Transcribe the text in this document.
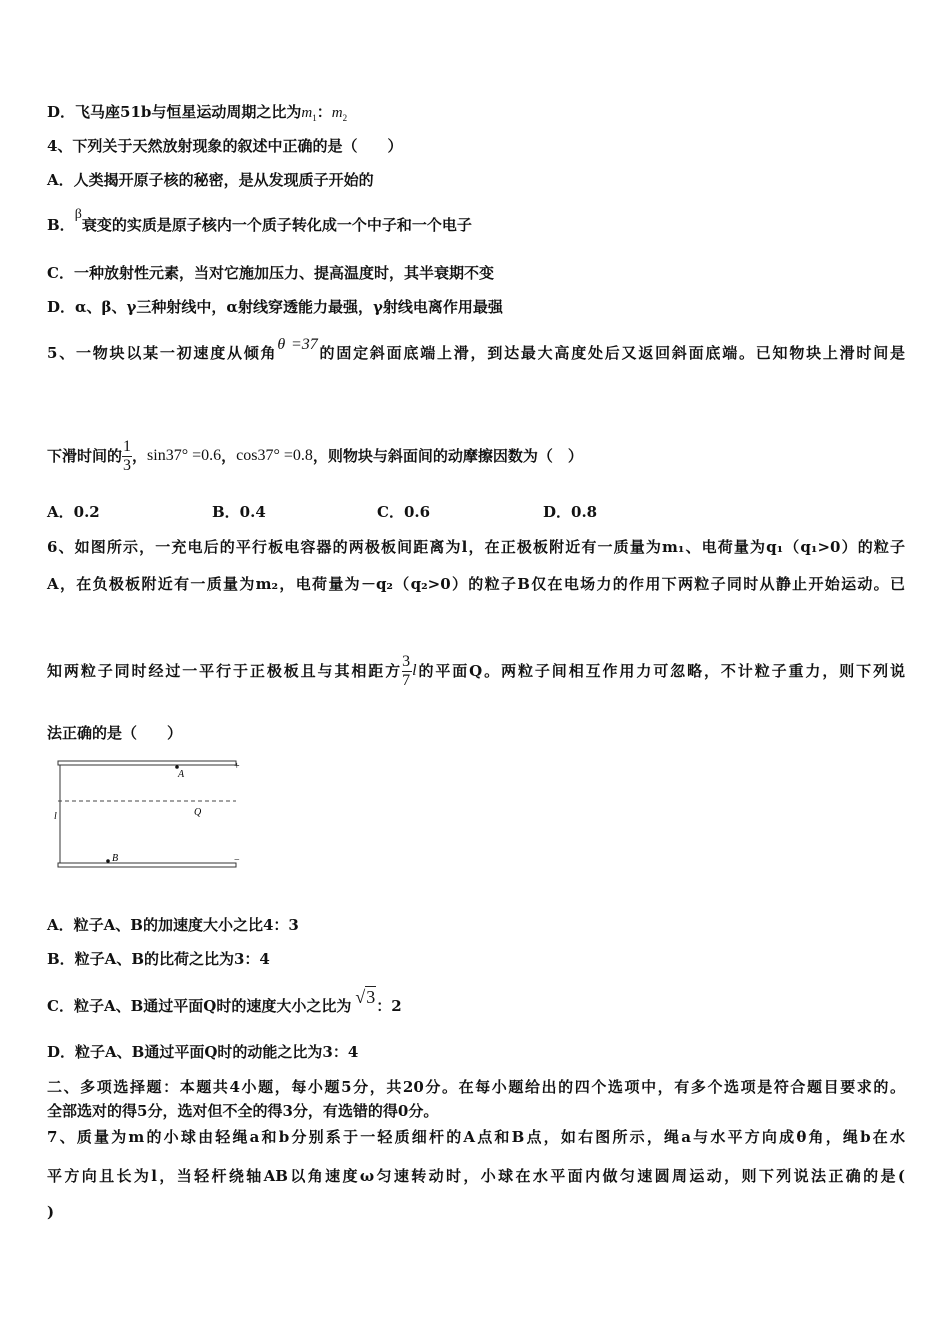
D．飞马座51b与恒星运动周期之比为$m_1$：$m_2$
4、下列关于天然放射现象的叙述中正确的是（　　）
A．人类揭开原子核的秘密，是从发现质子开始的
B．β衰变的实质是原子核内一个质子转化成一个中子和一个电子
C．一种放射性元素，当对它施加压力、提高温度时，其半衰期不变
D．α、β、γ三种射线中，α射线穿透能力最强，γ射线电离作用最强
5、一物块以某一初速度从倾角θ =37的固定斜面底端上滑，到达最大高度处后又返回斜面底端。已知物块上滑时间是
下滑时间的 $\frac{1}{3}$ ，sin37° =0.6，cos37° =0.8，则物块与斜面间的动摩擦因数为（　）
A．0.2	B．0.4	C．0.6	D．0.8
6、如图所示，一充电后的平行板电容器的两极板间距离为l，在正极板附近有一质量为m₁、电荷量为q₁（q₁>0）的粒子
A，在负极板附近有一质量为m₂，电荷量为－q₂（q₂>0）的粒子B仅在电场力的作用下两粒子同时从静止开始运动。已
知两粒子同时经过一平行于正极板且与其相距方 $\frac{3}{7}$ l的平面Q。两粒子间相互作用力可忽略，不计粒子重力，则下列说
法正确的是（　　）
A
Q
B
l
+
−
A．粒子A、B的加速度大小之比4：3
B．粒子A、B的比荷之比为3：4
C．粒子A、B通过平面Q时的速度大小之比为 √3：2
D．粒子A、B通过平面Q时的动能之比为3：4
二、多项选择题：本题共4小题，每小题5分，共20分。在每小题给出的四个选项中，有多个选项是符合题目要求的。
全部选对的得5分，选对但不全的得3分，有选错的得0分。
7、质量为m的小球由轻绳a和b分别系于一轻质细杆的A点和B点，如右图所示，绳a与水平方向成θ角，绳b在水
平方向且长为l，当轻杆绕轴AB以角速度ω匀速转动时，小球在水平面内做匀速圆周运动，则下列说法正确的是(
)
